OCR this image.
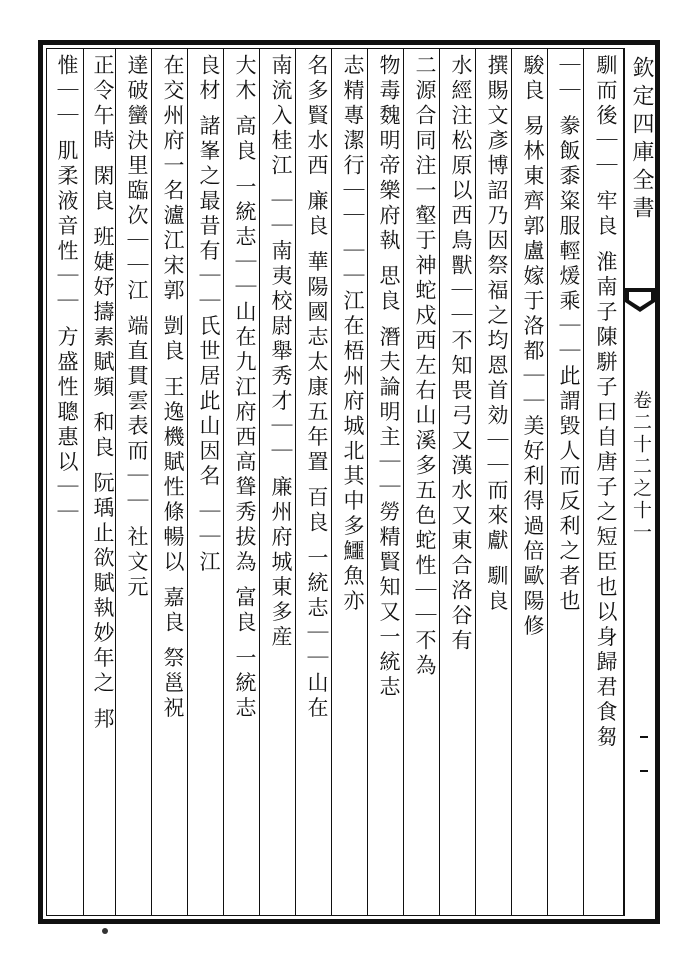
欽定四庫全書
卷二十二之十一
馴而後｜｜ 牢良 淮南子陳駢子曰自唐子之短臣也以身歸君食芻
｜｜ 豢飯黍粢服輕煖乘｜｜此謂毀人而反利之者也
駿良 易林東齊郭盧嫁于洛都｜｜美好利得過倍歐陽修
撰賜文彥博詔乃因祭福之均恩首効｜｜而來獻 馴良
水經注松原以西鳥獸｜｜不知畏弓又漢水又東合洛谷有
二源合同注一壑于神蛇戍西左右山溪多五色蛇性｜｜不為
物毒魏明帝樂府執 思良 潛夫論明主｜｜勞精賢知又一統志
志精專潔行｜｜ ｜｜江在梧州府城北其中多鱷魚亦
名多賢水西 廉良 華陽國志太康五年置 百良 一統志｜｜山在
南流入桂江 ｜｜南夷校尉舉秀才｜｜ 廉州府城東多産
大木 高良 一統志｜｜山在九江府西高聳秀拔為 富良 一統志
良材 諸峯之最昔有｜｜氏世居此山因名 ｜｜江
在交州府一名瀘江宋郭 剴良 王逸機賦性條暢以 嘉良 祭邕祝
達破蠻決里臨次｜｜江 端直貫雲表而｜｜ 社文元
正令午時 閑良 班婕妤擣素賦頻 和良 阮瑀止欲賦執妙年之 邦
惟｜｜ 肌柔液音性｜｜ 方盛性聰惠以｜｜
